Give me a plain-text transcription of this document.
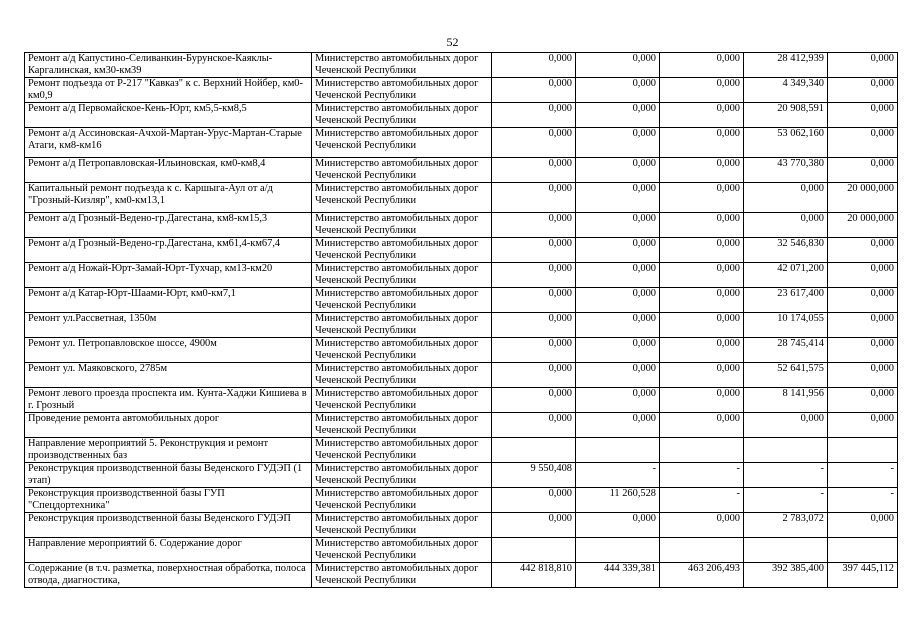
52
Ремонт а/д Капустино-Селиванкин-Бурунское-Каяклы-Каргалинская, км30-км39	Министерство автомобильных дорог Чеченской Республики	0,000	0,000	0,000	28 412,939	0,000
Ремонт подъезда от Р-217 "Кавказ" к с. Верхний Нойбер, км0-км0,9	Министерство автомобильных дорог Чеченской Республики	0,000	0,000	0,000	4 349,340	0,000
Ремонт а/д Первомайское-Кень-Юрт, км5,5-км8,5	Министерство автомобильных дорог Чеченской Республики	0,000	0,000	0,000	20 908,591	0,000
Ремонт а/д Ассиновская-Ачхой-Мартан-Урус-Мартан-Старые Атаги, км8-км16	Министерство автомобильных дорог Чеченской Республики	0,000	0,000	0,000	53 062,160	0,000
Ремонт а/д Петропавловская-Ильиновская, км0-км8,4	Министерство автомобильных дорог Чеченской Республики	0,000	0,000	0,000	43 770,380	0,000
Капитальный ремонт подъезда к с. Каршыга-Аул от а/д "Грозный-Кизляр", км0-км13,1	Министерство автомобильных дорог Чеченской Республики	0,000	0,000	0,000	0,000	20 000,000
Ремонт а/д Грозный-Ведено-гр.Дагестана, км8-км15,3	Министерство автомобильных дорог Чеченской Республики	0,000	0,000	0,000	0,000	20 000,000
Ремонт а/д Грозный-Ведено-гр.Дагестана, км61,4-км67,4	Министерство автомобильных дорог Чеченской Республики	0,000	0,000	0,000	32 546,830	0,000
Ремонт а/д Ножай-Юрт-Замай-Юрт-Тухчар, км13-км20	Министерство автомобильных дорог Чеченской Республики	0,000	0,000	0,000	42 071,200	0,000
Ремонт а/д Катар-Юрт-Шаами-Юрт, км0-км7,1	Министерство автомобильных дорог Чеченской Республики	0,000	0,000	0,000	23 617,400	0,000
Ремонт ул.Рассветная, 1350м	Министерство автомобильных дорог Чеченской Республики	0,000	0,000	0,000	10 174,055	0,000
Ремонт ул. Петропавловское шоссе, 4900м	Министерство автомобильных дорог Чеченской Республики	0,000	0,000	0,000	28 745,414	0,000
Ремонт ул. Маяковского, 2785м	Министерство автомобильных дорог Чеченской Республики	0,000	0,000	0,000	52 641,575	0,000
Ремонт левого проезда проспекта им. Кунта-Хаджи Кишиева в г. Грозный	Министерство автомобильных дорог Чеченской Республики	0,000	0,000	0,000	8 141,956	0,000
Проведение ремонта автомобильных дорог	Министерство автомобильных дорог Чеченской Республики	0,000	0,000	0,000	0,000	0,000
Направление мероприятий 5. Реконструкция и ремонт производственных баз	Министерство автомобильных дорог Чеченской Республики					
Реконструкция производственной базы Веденского ГУДЭП (1 этап)	Министерство автомобильных дорог Чеченской Республики	9 550,408	-	-	-	-
Реконструкция производственной базы ГУП "Спецдортехника"	Министерство автомобильных дорог Чеченской Республики	0,000	11 260,528	-	-	-
Реконструкция производственной базы Веденского ГУДЭП	Министерство автомобильных дорог Чеченской Республики	0,000	0,000	0,000	2 783,072	0,000
Направление мероприятий 6. Содержание дорог	Министерство автомобильных дорог Чеченской Республики					
Содержание (в т.ч. разметка, поверхностная обработка, полоса отвода, диагностика,	Министерство автомобильных дорог Чеченской Республики	442 818,810	444 339,381	463 206,493	392 385,400	397 445,112
